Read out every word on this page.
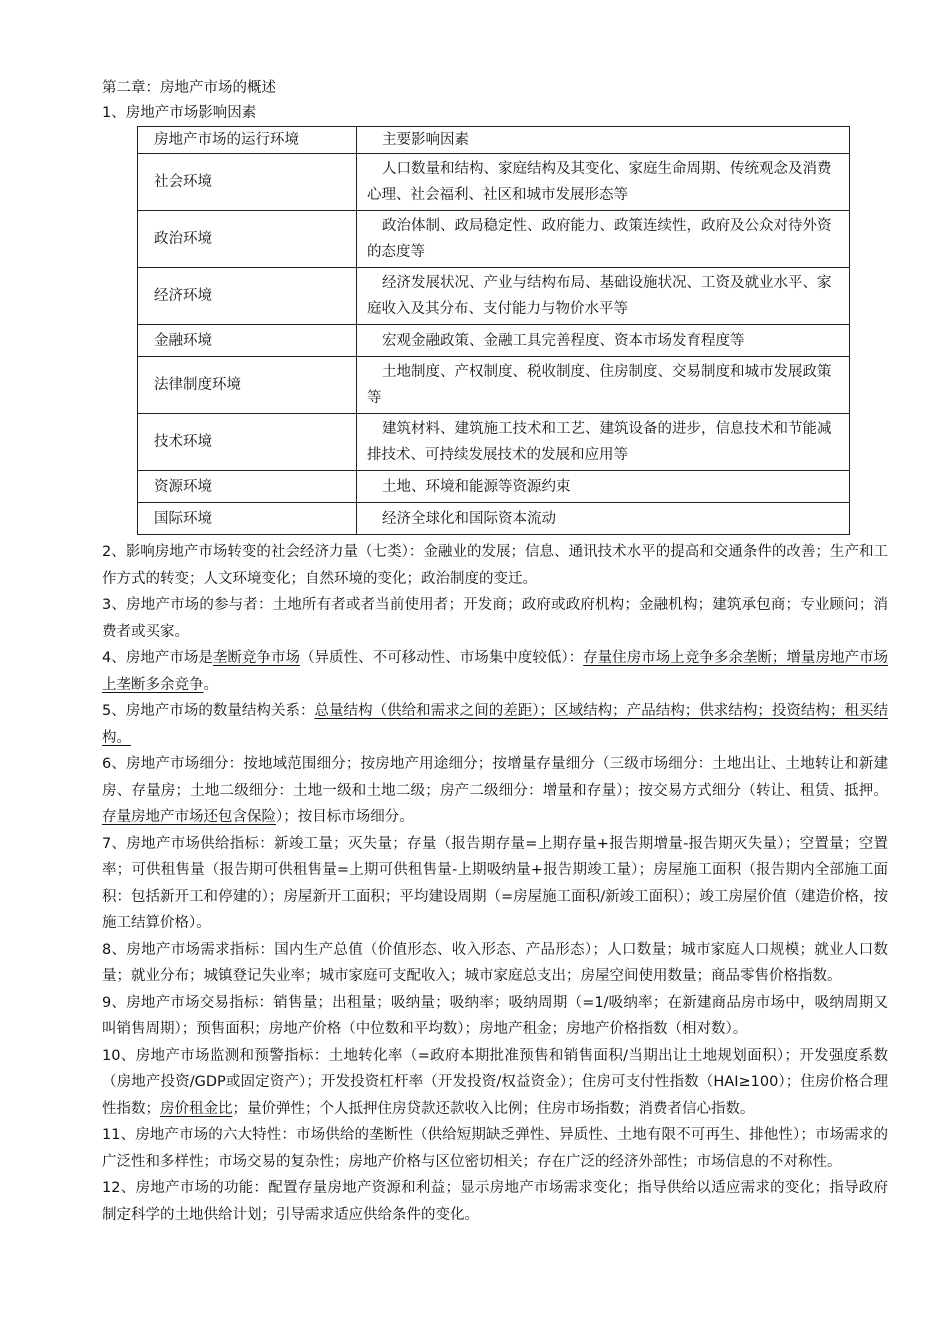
第二章：房地产市场的概述
1、房地产市场影响因素
房地产市场的运行环境	主要影响因素
社会环境	人口数量和结构、家庭结构及其变化、家庭生命周期、传统观念及消费心理、社会福利、社区和城市发展形态等
政治环境	政治体制、政局稳定性、政府能力、政策连续性，政府及公众对待外资的态度等
经济环境	经济发展状况、产业与结构布局、基础设施状况、工资及就业水平、家庭收入及其分布、支付能力与物价水平等
金融环境	宏观金融政策、金融工具完善程度、资本市场发育程度等
法律制度环境	土地制度、产权制度、税收制度、住房制度、交易制度和城市发展政策等
技术环境	建筑材料、建筑施工技术和工艺、建筑设备的进步，信息技术和节能减排技术、可持续发展技术的发展和应用等
资源环境	土地、环境和能源等资源约束
国际环境	经济全球化和国际资本流动

2、影响房地产市场转变的社会经济力量（七类）：金融业的发展；信息、通讯技术水平的提高和交通条件的改善；生产和工作方式的转变；人文环境变化；自然环境的变化；政治制度的变迁。

3、房地产市场的参与者：土地所有者或者当前使用者；开发商；政府或政府机构；金融机构；建筑承包商；专业顾问；消费者或买家。

4、房地产市场是垄断竞争市场（异质性、不可移动性、市场集中度较低）：存量住房市场上竞争多余垄断；增量房地产市场上垄断多余竞争。

5、房地产市场的数量结构关系：总量结构（供给和需求之间的差距）；区域结构；产品结构；供求结构；投资结构；租买结构。

6、房地产市场细分：按地域范围细分；按房地产用途细分；按增量存量细分（三级市场细分：土地出让、土地转让和新建房、存量房；土地二级细分：土地一级和土地二级；房产二级细分：增量和存量）；按交易方式细分（转让、租赁、抵押。存量房地产市场还包含保险）；按目标市场细分。

7、房地产市场供给指标：新竣工量；灭失量；存量（报告期存量=上期存量+报告期增量-报告期灭失量）；空置量；空置率；可供租售量（报告期可供租售量=上期可供租售量-上期吸纳量+报告期竣工量）；房屋施工面积（报告期内全部施工面积：包括新开工和停建的）；房屋新开工面积；平均建设周期（=房屋施工面积/新竣工面积）；竣工房屋价值（建造价格，按施工结算价格）。

8、房地产市场需求指标：国内生产总值（价值形态、收入形态、产品形态）；人口数量；城市家庭人口规模；就业人口数量；就业分布；城镇登记失业率；城市家庭可支配收入；城市家庭总支出；房屋空间使用数量；商品零售价格指数。

9、房地产市场交易指标：销售量；出租量；吸纳量；吸纳率；吸纳周期（=1/吸纳率；在新建商品房市场中，吸纳周期又叫销售周期）；预售面积；房地产价格（中位数和平均数）；房地产租金；房地产价格指数（相对数）。

10、房地产市场监测和预警指标：土地转化率（=政府本期批准预售和销售面积/当期出让土地规划面积）；开发强度系数（房地产投资/GDP或固定资产）；开发投资杠杆率（开发投资/权益资金）；住房可支付性指数（HAI≥100）；住房价格合理性指数；房价租金比；量价弹性；个人抵押住房贷款还款收入比例；住房市场指数；消费者信心指数。

11、房地产市场的六大特性：市场供给的垄断性（供给短期缺乏弹性、异质性、土地有限不可再生、排他性）；市场需求的广泛性和多样性；市场交易的复杂性；房地产价格与区位密切相关；存在广泛的经济外部性；市场信息的不对称性。

12、房地产市场的功能：配置存量房地产资源和利益；显示房地产市场需求变化；指导供给以适应需求的变化；指导政府制定科学的土地供给计划；引导需求适应供给条件的变化。
